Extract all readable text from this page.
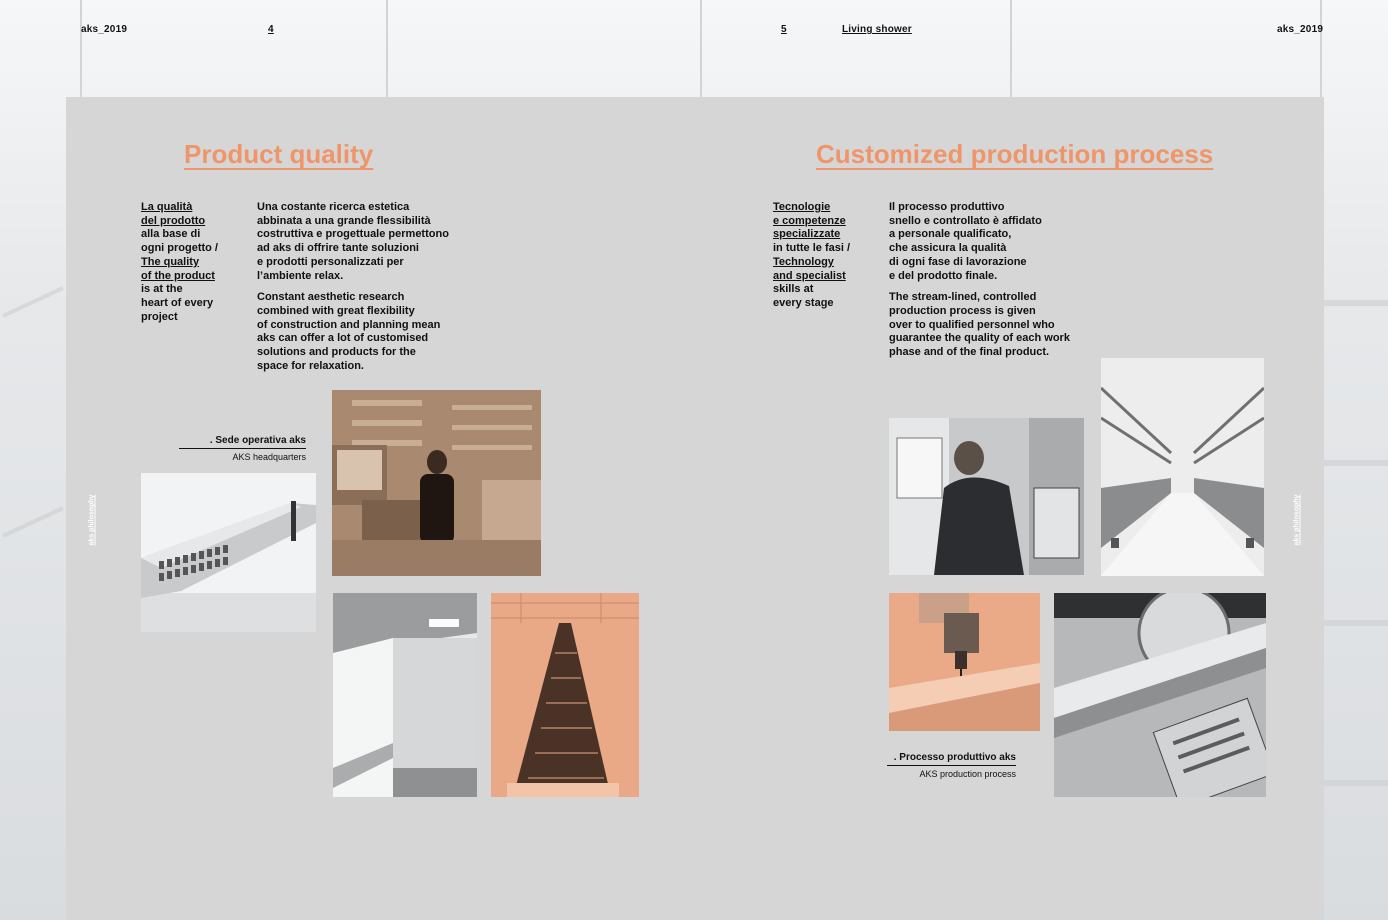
aks_2019	4	5	Living shower	aks_2019
Product quality
La qualità
del prodotto
alla base di
ogni progetto /
The quality
of the product
is at the
heart of every
project

Una costante ricerca estetica
abbinata a una grande flessibilità
costruttiva e progettuale permettono
ad aks di offrire tante soluzioni
e prodotti personalizzati per
l’ambiente relax.

Constant aesthetic research
combined with great flexibility
of construction and planning mean
aks can offer a lot of customised
solutions and products for the
space for relaxation.

. Sede operativa aks
AKS headquarters
aks philosophy
Customized production process
Tecnologie
e competenze
specializzate
in tutte le fasi /
Technology
and specialist
skills at
every stage

Il processo produttivo
snello e controllato è affidato
a personale qualificato,
che assicura la qualità
di ogni fase di lavorazione
e del prodotto finale.

The stream-lined, controlled
production process is given
over to qualified personnel who
guarantee the quality of each work
phase and of the final product.

. Processo produttivo aks
AKS production process
aks philosophy
